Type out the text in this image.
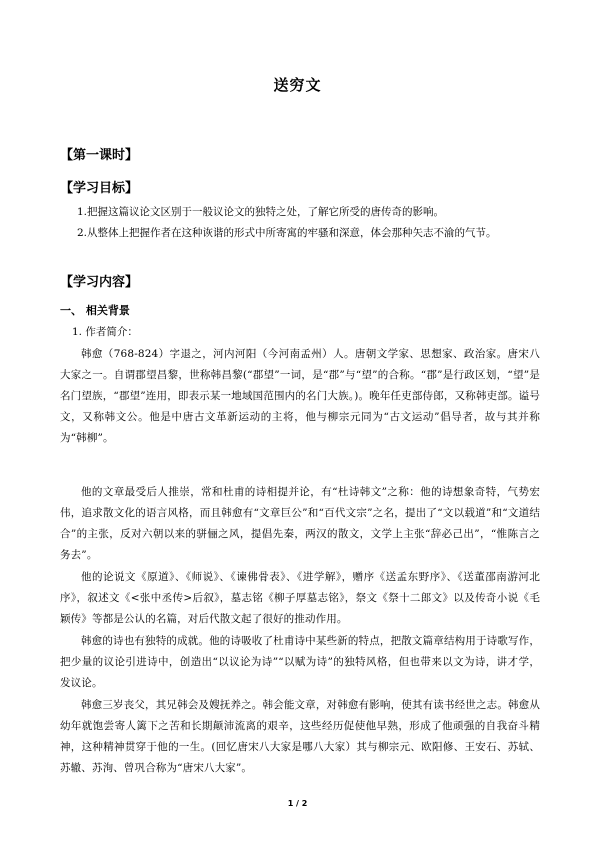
送穷文
【第一课时】
【学习目标】
1.把握这篇议论文区别于一般议论文的独特之处，了解它所受的唐传奇的影响。
2.从整体上把握作者在这种诙谐的形式中所寄寓的牢骚和深意，体会那种矢志不渝的气节。
【学习内容】
一、 相关背景
1. 作者简介：
韩愈（768-824）字退之，河内河阳（今河南孟州）人。唐朝文学家、思想家、政治家。唐宋八大家之一。自谓郡望昌黎，世称韩昌黎(“郡望”一词，是“郡”与“望”的合称。“郡”是行政区划，“望”是名门望族，“郡望”连用，即表示某一地域国范围内的名门大族。)。晚年任吏部侍郎，又称韩吏部。谥号文，又称韩文公。他是中唐古文革新运动的主将，他与柳宗元同为“古文运动”倡导者，故与其并称为“韩柳”。
他的文章最受后人推崇，常和杜甫的诗相提并论，有“杜诗韩文”之称：他的诗想象奇特，气势宏伟，追求散文化的语言风格，而且韩愈有“文章巨公”和“百代文宗”之名，提出了“文以载道”和“文道结合”的主张，反对六朝以来的骈俪之风，提倡先秦，两汉的散文，文学上主张“辞必己出”，“惟陈言之务去”。
他的论说文《原道》、《师说》、《谏佛骨表》、《进学解》，赠序《送孟东野序》、《送董邵南游河北序》，叙述文《<张中丞传>后叙》，墓志铭《柳子厚墓志铭》，祭文《祭十二郎文》以及传奇小说《毛颖传》等都是公认的名篇，对后代散文起了很好的推动作用。
韩愈的诗也有独特的成就。他的诗吸收了杜甫诗中某些新的特点，把散文篇章结构用于诗歌写作，把少量的议论引进诗中，创造出“以议论为诗”“以赋为诗”的独特风格，但也带来以文为诗，讲才学，发议论。
韩愈三岁丧父，其兄韩会及嫂抚养之。韩会能文章，对韩愈有影响，使其有读书经世之志。韩愈从幼年就饱尝寄人篱下之苦和长期颠沛流离的艰辛，这些经历促使他早熟，形成了他顽强的自我奋斗精神，这种精神贯穿于他的一生。(回忆唐宋八大家是哪八大家）其与柳宗元、欧阳修、王安石、苏轼、苏辙、苏洵、曾巩合称为“唐宋八大家”。
1 / 2
